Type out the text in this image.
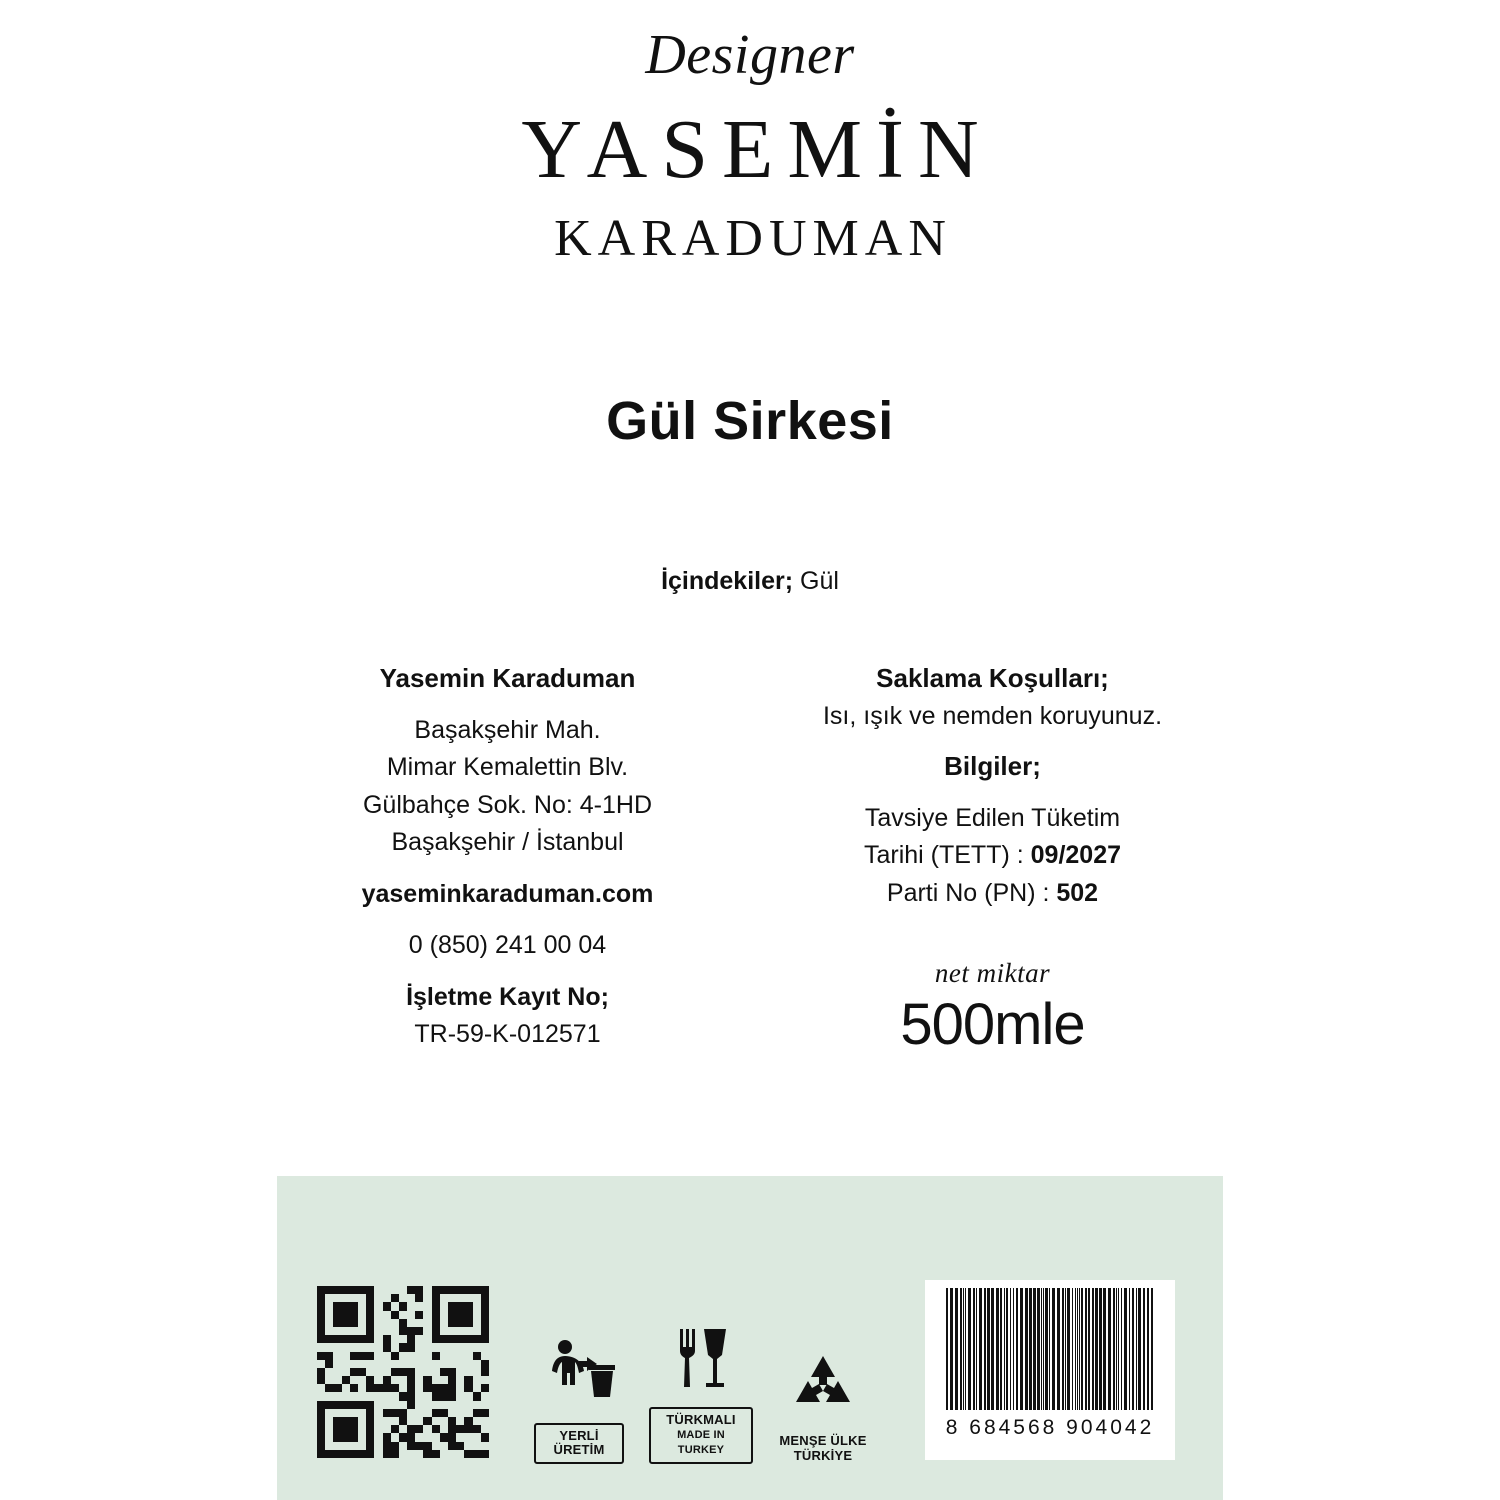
Designer
YASEMİN
KARADUMAN
Gül Sirkesi
İçindekiler; Gül
Yasemin Karaduman
Başakşehir Mah.
Mimar Kemalettin Blv.
Gülbahçe Sok. No: 4-1HD
Başakşehir / İstanbul
yaseminkaraduman.com
0 (850) 241 00 04
İşletme Kayıt No;
TR-59-K-012571
Saklama Koşulları;
Isı, ışık ve nemden koruyunuz.
Bilgiler;
Tavsiye Edilen Tüketim
Tarihi (TETT) : 09/2027
Parti No (PN) : 502
net miktar
500mle
YERLİ
ÜRETİM
TÜRKMALI
MADE IN TURKEY
MENŞE ÜLKE
TÜRKİYE
8 684568 904042
